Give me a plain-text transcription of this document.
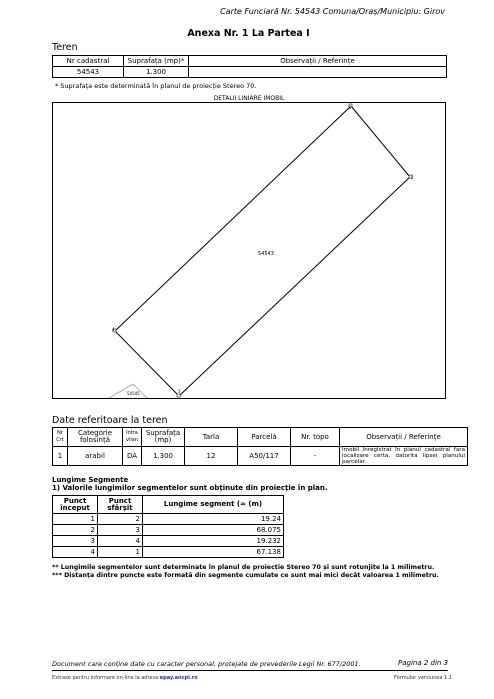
Carte Funciară Nr. 54543 Comuna/Oraș/Municipiu: Girov
Anexa Nr. 1 La Partea I
Teren
Nr cadastral	Suprafața (mp)*	Observații / Referințe
54543	1.300	
* Suprafața este determinată în planul de proiecție Stereo 70.
1
2
3
4
54543
54545
DETALII LINIARE IMOBIL
Date referitoare la teren
Nr Crt	Categorie folosință	Intra vilan	Suprafața (mp)	Tarla	Parcelă	Nr. topo	Observații / Referințe
1	arabil	DA	1.300	12	A50/117	-	Imobil înregistrat în planul cadastral fara localizare certa, datorita lipsei planului parcelar.
Lungime Segmente
1) Valorile lungimilor segmentelor sunt obținute din proiecție în plan.
Punct început	Punct sfârșit	Lungime segment (≈ (m)
1	2	19.24
2	3	68.075
3	4	19.232
4	1	67.138
** Lungimile segmentelor sunt determinate în planul de proiecție Stereo 70 și sunt rotunjite la 1 milimetru.
*** Distanța dintre puncte este formată din segmente cumulate ce sunt mai mici decât valoarea 1 milimetru.
Document care conține date cu caracter personal, protejate de prevederile Legii Nr. 677/2001.	Pagina 2 din 3
Extrase pentru informare on-line la adresa epay.ancpi.ro	Formular versiunea 1.1
